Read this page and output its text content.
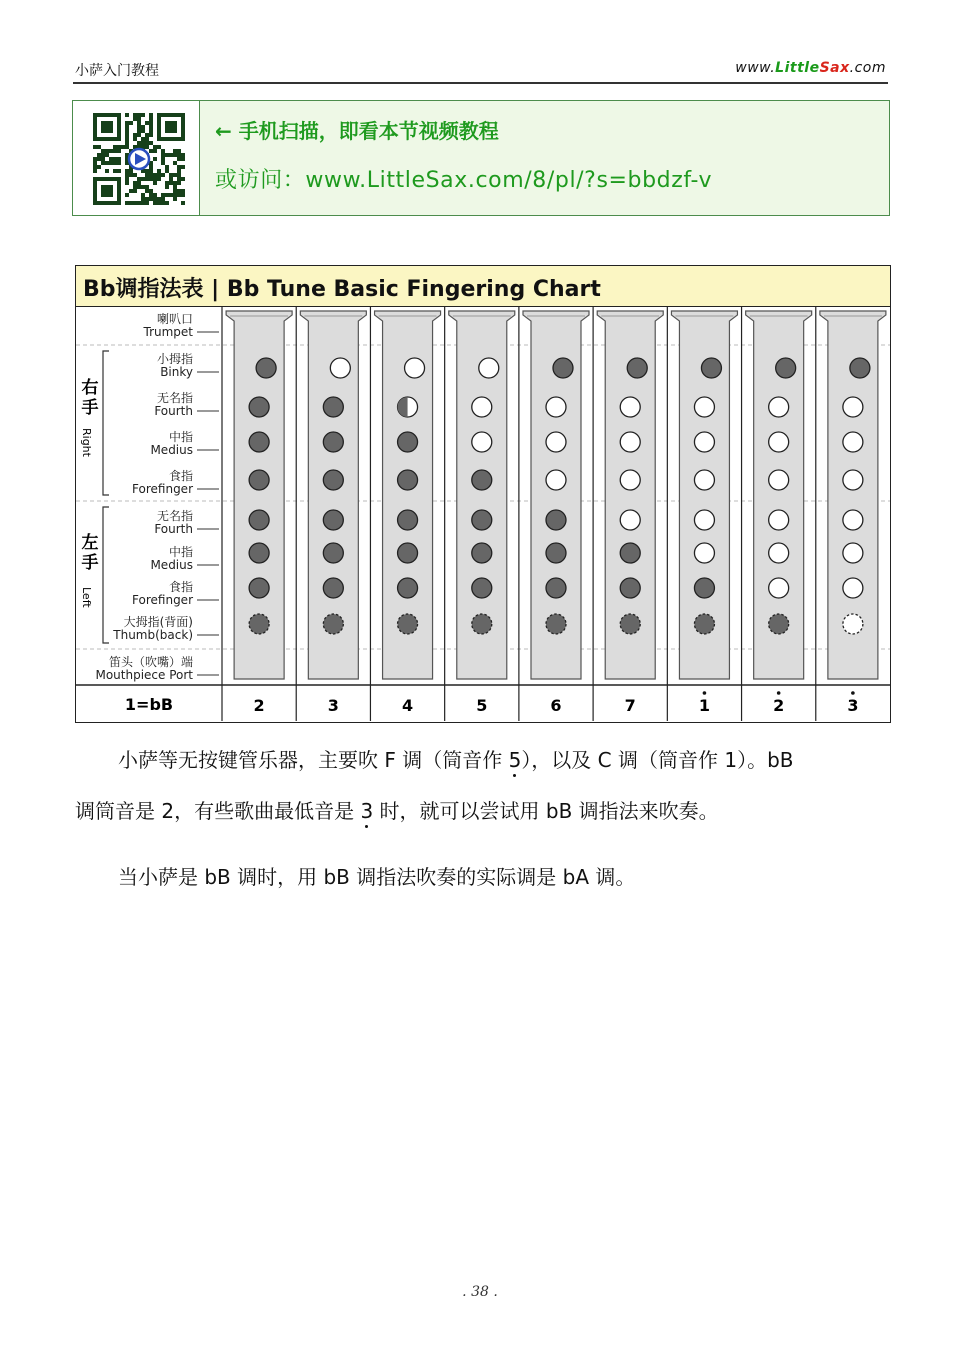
小萨入门教程	www.LittleSax.com
← 手机扫描，即看本节视频教程
或访问：www.LittleSax.com/8/pl/?s=bbdzf-v
Bb调指法表 | Bb Tune Basic Fingering Chart
喇叭口
Trumpet
小拇指
Binky
无名指
Fourth
中指
Medius
食指
Forefinger
无名指
Fourth
中指
Medius
食指
Forefinger
大拇指(背面)
Thumb(back)
笛头（吹嘴）端
Mouthpiece Port
右
手
Right
左
手
Left
1=bB	2	3	4	5	6	7	1	2	3
小萨等无按键管乐器，主要吹 F 调（筒音作 5），以及 C 调（筒音作 1）。bB
调筒音是 2，有些歌曲最低音是 3 时，就可以尝试用 bB 调指法来吹奏。
当小萨是 bB 调时，用 bB 调指法吹奏的实际调是 bA 调。
. 38 .
